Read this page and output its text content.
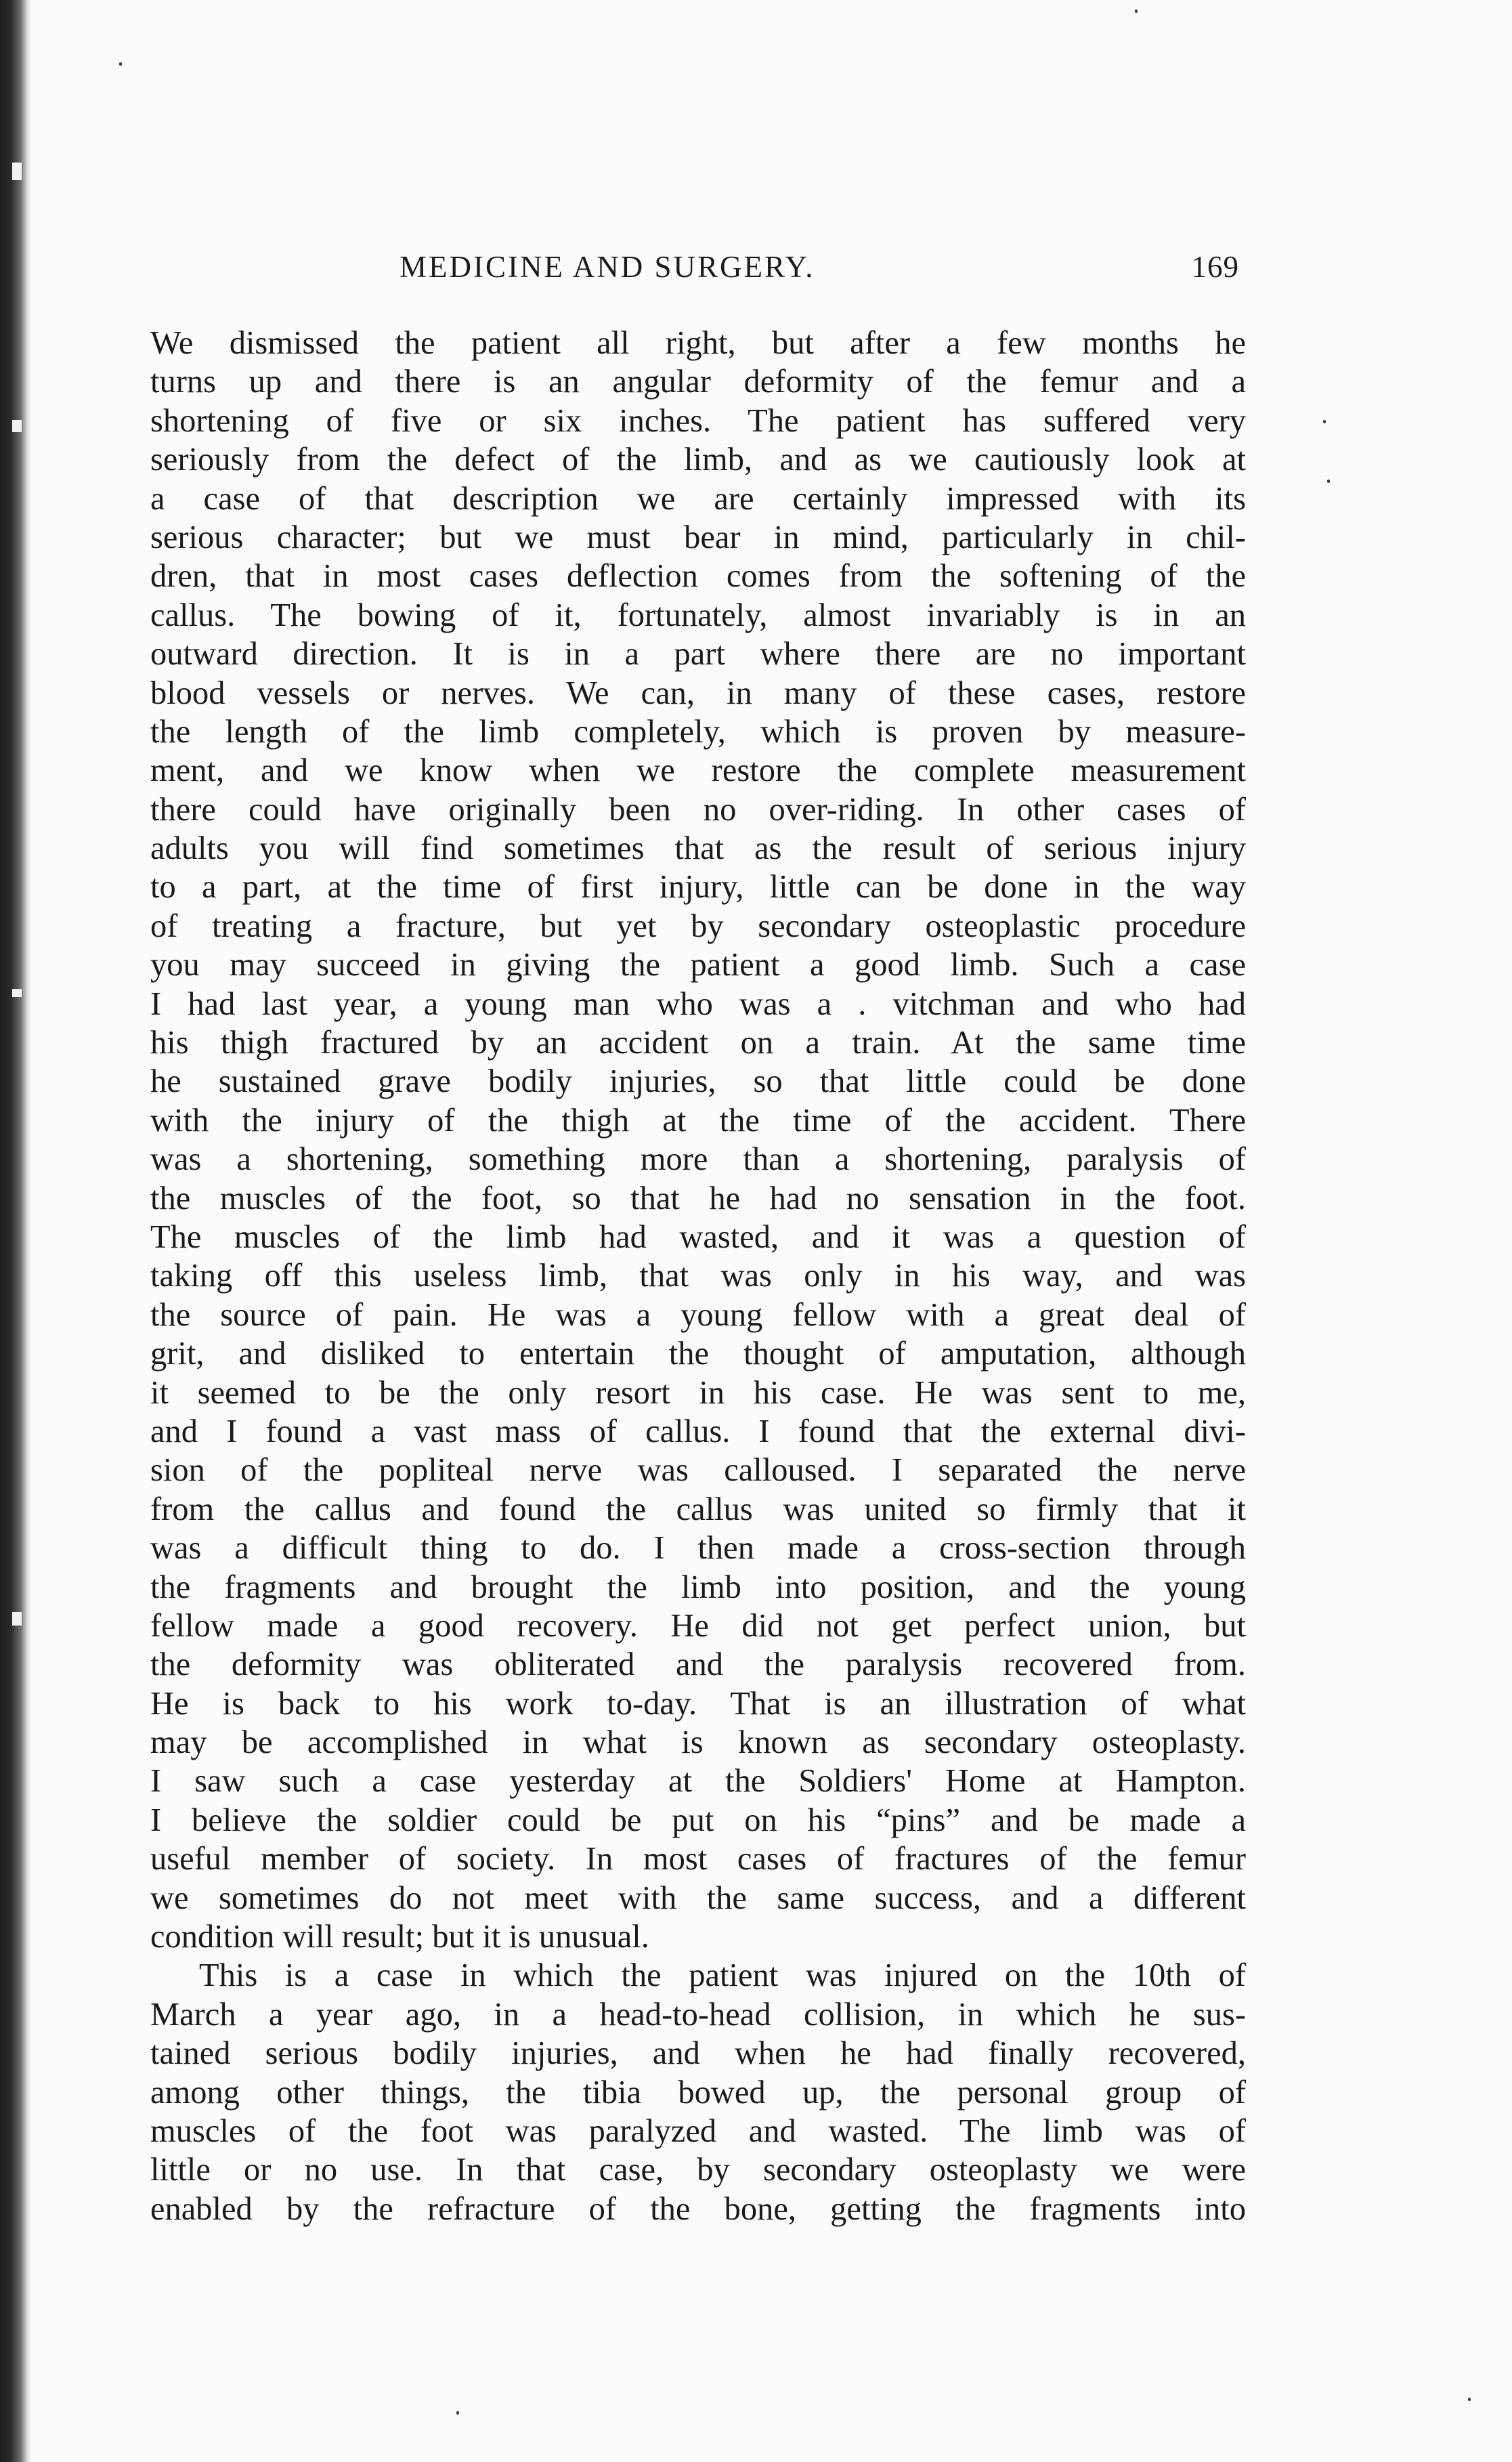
MEDICINE AND SURGERY.	169
We dismissed the patient all right, but after a few months he
turns up and there is an angular deformity of the femur and a
shortening of five or six inches. The patient has suffered very
seriously from the defect of the limb, and as we cautiously look at
a case of that description we are certainly impressed with its
serious character; but we must bear in mind, particularly in chil-
dren, that in most cases deflection comes from the softening of the
callus. The bowing of it, fortunately, almost invariably is in an
outward direction. It is in a part where there are no important
blood vessels or nerves. We can, in many of these cases, restore
the length of the limb completely, which is proven by measure-
ment, and we know when we restore the complete measurement
there could have originally been no over-riding. In other cases of
adults you will find sometimes that as the result of serious injury
to a part, at the time of first injury, little can be done in the way
of treating a fracture, but yet by secondary osteoplastic procedure
you may succeed in giving the patient a good limb. Such a case
I had last year, a young man who was a . vitchman and who had
his thigh fractured by an accident on a train. At the same time
he sustained grave bodily injuries, so that little could be done
with the injury of the thigh at the time of the accident. There
was a shortening, something more than a shortening, paralysis of
the muscles of the foot, so that he had no sensation in the foot.
The muscles of the limb had wasted, and it was a question of
taking off this useless limb, that was only in his way, and was
the source of pain. He was a young fellow with a great deal of
grit, and disliked to entertain the thought of amputation, although
it seemed to be the only resort in his case. He was sent to me,
and I found a vast mass of callus. I found that the external divi-
sion of the popliteal nerve was calloused. I separated the nerve
from the callus and found the callus was united so firmly that it
was a difficult thing to do. I then made a cross-section through
the fragments and brought the limb into position, and the young
fellow made a good recovery. He did not get perfect union, but
the deformity was obliterated and the paralysis recovered from.
He is back to his work to-day. That is an illustration of what
may be accomplished in what is known as secondary osteoplasty.
I saw such a case yesterday at the Soldiers' Home at Hampton.
I believe the soldier could be put on his “pins” and be made a
useful member of society. In most cases of fractures of the femur
we sometimes do not meet with the same success, and a different
condition will result; but it is unusual.
This is a case in which the patient was injured on the 10th of
March a year ago, in a head-to-head collision, in which he sus-
tained serious bodily injuries, and when he had finally recovered,
among other things, the tibia bowed up, the personal group of
muscles of the foot was paralyzed and wasted. The limb was of
little or no use. In that case, by secondary osteoplasty we were
enabled by the refracture of the bone, getting the fragments into
